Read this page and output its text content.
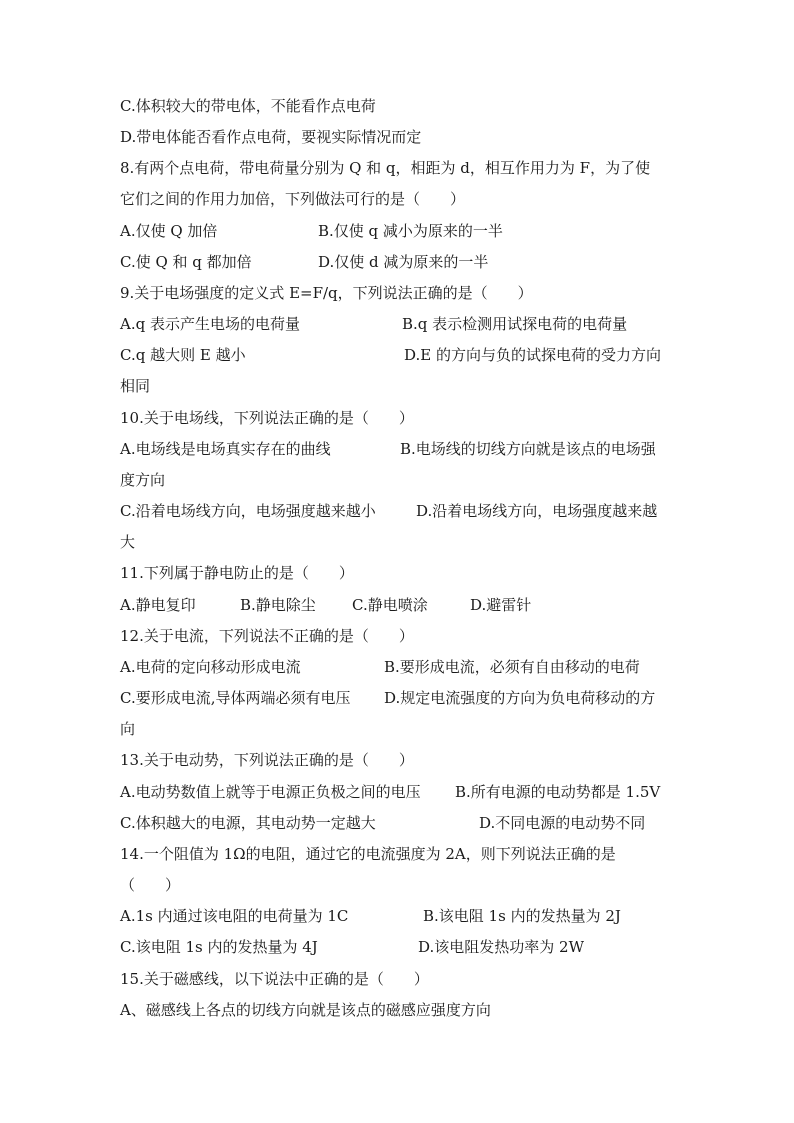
C.体积较大的带电体，不能看作点电荷
D.带电体能否看作点电荷，要视实际情况而定
8.有两个点电荷，带电荷量分别为 Q 和 q，相距为 d，相互作用力为 F，为了使
它们之间的作用力加倍，下列做法可行的是（　　）
A.仅使 Q 加倍	B.仅使 q 减小为原来的一半
C.使 Q 和 q 都加倍	D.仅使 d 减为原来的一半
9.关于电场强度的定义式 E=F/q，下列说法正确的是（　　）
A.q 表示产生电场的电荷量	B.q 表示检测用试探电荷的电荷量
C.q 越大则 E 越小	D.E 的方向与负的试探电荷的受力方向
相同
10.关于电场线，下列说法正确的是（　　）
A.电场线是电场真实存在的曲线	B.电场线的切线方向就是该点的电场强
度方向
C.沿着电场线方向，电场强度越来越小	D.沿着电场线方向，电场强度越来越
大
11.下列属于静电防止的是（　　）
A.静电复印	B.静电除尘 C.静电喷涂	D.避雷针
12.关于电流，下列说法不正确的是（　　）
A.电荷的定向移动形成电流	B.要形成电流，必须有自由移动的电荷
C.要形成电流,导体两端必须有电压 D.规定电流强度的方向为负电荷移动的方
向
13.关于电动势，下列说法正确的是（　　）
A.电动势数值上就等于电源正负极之间的电压 B.所有电源的电动势都是 1.5V
C.体积越大的电源，其电动势一定越大	D.不同电源的电动势不同
14.一个阻值为 1Ω的电阻，通过它的电流强度为 2A，则下列说法正确的是
（　　）
A.1s 内通过该电阻的电荷量为 1C	B.该电阻 1s 内的发热量为 2J
C.该电阻 1s 内的发热量为 4J	D.该电阻发热功率为 2W
15.关于磁感线，以下说法中正确的是（　　）
A、磁感线上各点的切线方向就是该点的磁感应强度方向
